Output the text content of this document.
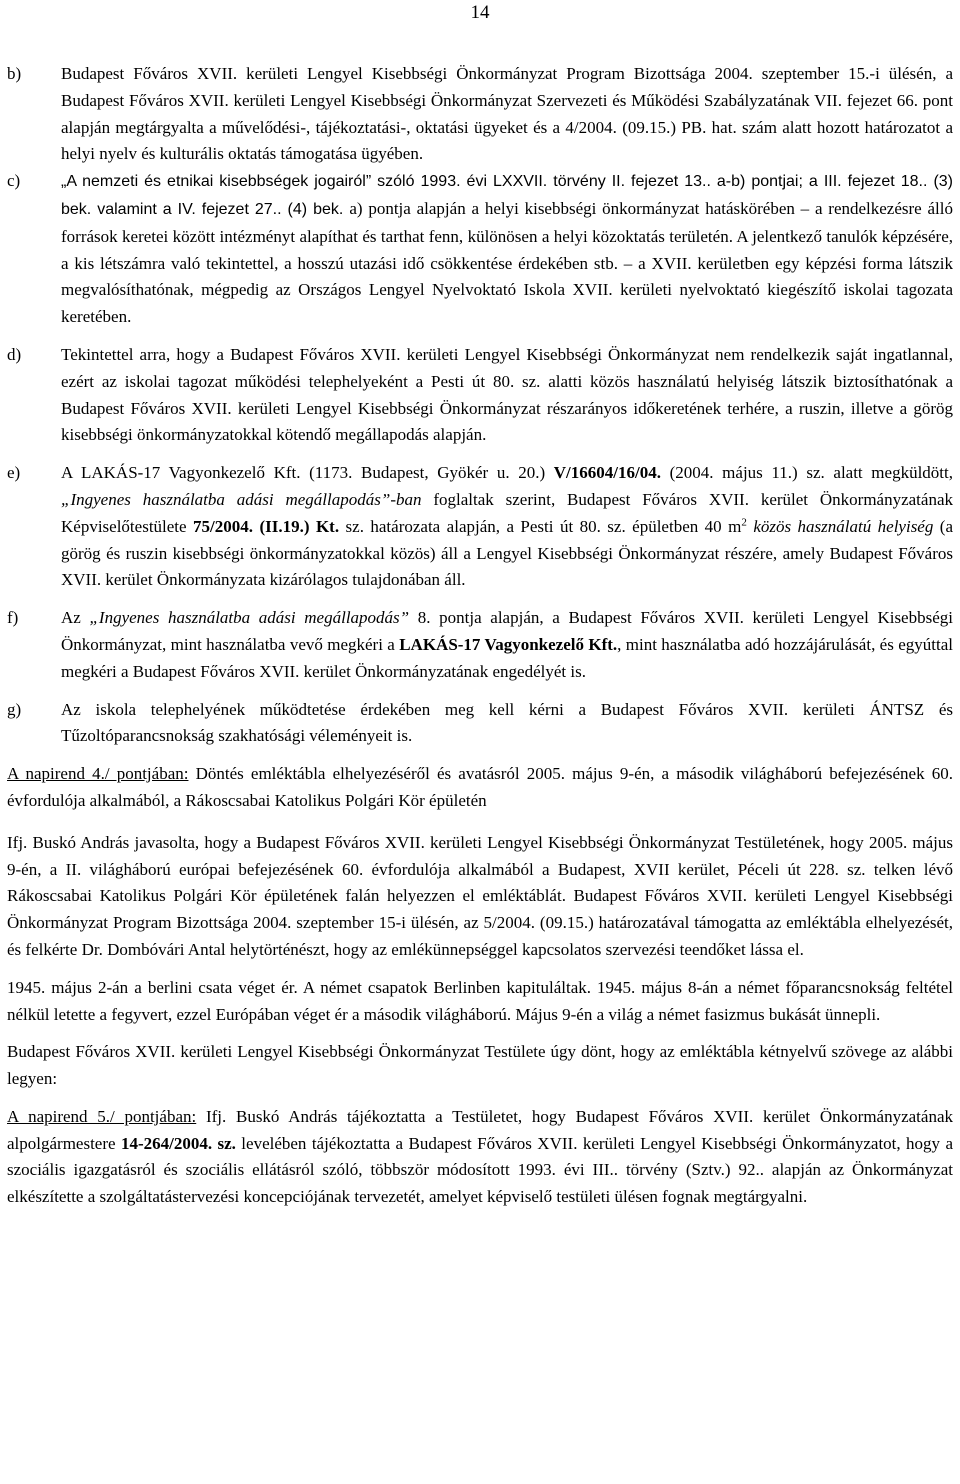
14
b)	Budapest Főváros XVII. kerületi Lengyel Kisebbségi Önkormányzat Program Bizottsága 2004. szeptember 15.-i ülésén, a Budapest Főváros XVII. kerületi Lengyel Kisebbségi Önkormányzat Szervezeti és Működési Szabályzatának VII. fejezet 66. pont alapján megtárgyalta a művelődési-, tájékoztatási-, oktatási ügyeket és a 4/2004. (09.15.) PB. hat. szám alatt hozott határozatot a helyi nyelv és kulturális oktatás támogatása ügyében.

c)	„A nemzeti és etnikai kisebbségek jogairól” szóló 1993. évi LXXVII. törvény II. fejezet 13.. a-b) pontjai; a III. fejezet 18.. (3) bek. valamint a IV. fejezet 27.. (4) bek. a) pontja alapján a helyi kisebbségi önkormányzat hatáskörében – a rendelkezésre álló források keretei között intézményt alapíthat és tarthat fenn, különösen a helyi közoktatás területén. A jelentkező tanulók képzésére, a kis létszámra való tekintettel, a hosszú utazási idő csökkentése érdekében stb. – a XVII. kerületben egy képzési forma látszik megvalósíthatónak, mégpedig az Országos Lengyel Nyelvoktató Iskola XVII. kerületi nyelvoktató kiegészítő iskolai tagozata keretében.

d)	Tekintettel arra, hogy a Budapest Főváros XVII. kerületi Lengyel Kisebbségi Önkormányzat nem rendelkezik saját ingatlannal, ezért az iskolai tagozat működési telephelyeként a Pesti út 80. sz. alatti közös használatú helyiség látszik biztosíthatónak a Budapest Főváros XVII. kerületi Lengyel Kisebbségi Önkormányzat részarányos időkeretének terhére, a ruszin, illetve a görög kisebbségi önkormányzatokkal kötendő megállapodás alapján.

e)	A LAKÁS-17 Vagyonkezelő Kft. (1173. Budapest, Gyökér u. 20.) V/16604/16/04. (2004. május 11.) sz. alatt megküldött, „Ingyenes használatba adási megállapodás”-ban foglaltak szerint, Budapest Főváros XVII. kerület Önkormányzatának Képviselőtestülete 75/2004. (II.19.) Kt. sz. határozata alapján, a Pesti út 80. sz. épületben 40 $m^2$ közös használatú helyiség (a görög és ruszin kisebbségi önkormányzatokkal közös) áll a Lengyel Kisebbségi Önkormányzat részére, amely Budapest Főváros XVII. kerület Önkormányzata kizárólagos tulajdonában áll.

f)	Az „Ingyenes használatba adási megállapodás” 8. pontja alapján, a Budapest Főváros XVII. kerületi Lengyel Kisebbségi Önkormányzat, mint használatba vevő megkéri a LAKÁS-17 Vagyonkezelő Kft., mint használatba adó hozzájárulását, és egyúttal megkéri a Budapest Főváros XVII. kerület Önkormányzatának engedélyét is.

g)	Az iskola telephelyének működtetése érdekében meg kell kérni a Budapest Főváros XVII. kerületi ÁNTSZ és Tűzoltóparancsnokság szakhatósági véleményeit is.

A napirend 4./ pontjában: Döntés emléktábla elhelyezéséről és avatásról 2005. május 9-én, a második világháború befejezésének 60. évfordulója alkalmából, a Rákoscsabai Katolikus Polgári Kör épületén

Ifj. Buskó András javasolta, hogy a Budapest Főváros XVII. kerületi Lengyel Kisebbségi Önkormányzat Testületének, hogy 2005. május 9-én, a II. világháború európai befejezésének 60. évfordulója alkalmából a Budapest, XVII kerület, Péceli út 228. sz. telken lévő Rákoscsabai Katolikus Polgári Kör épületének falán helyezzen el emléktáblát. Budapest Főváros XVII. kerületi Lengyel Kisebbségi Önkormányzat Program Bizottsága 2004. szeptember 15-i ülésén, az 5/2004. (09.15.) határozatával támogatta az emléktábla elhelyezését, és felkérte Dr. Dombóvári Antal helytörténészt, hogy az emlékünnepséggel kapcsolatos szervezési teendőket lássa el.

1945. május 2-án a berlini csata véget ér. A német csapatok Berlinben kapituláltak. 1945. május 8-án a német főparancsnokság feltétel nélkül letette a fegyvert, ezzel Európában véget ér a második világháború. Május 9-én a világ a német fasizmus bukását ünnepli.

Budapest Főváros XVII. kerületi Lengyel Kisebbségi Önkormányzat Testülete úgy dönt, hogy az emléktábla kétnyelvű szövege az alábbi legyen:

A napirend 5./ pontjában: Ifj. Buskó András tájékoztatta a Testületet, hogy Budapest Főváros XVII. kerület Önkormányzatának alpolgármestere 14-264/2004. sz. levelében tájékoztatta a Budapest Főváros XVII. kerületi Lengyel Kisebbségi Önkormányzatot, hogy a szociális igazgatásról és szociális ellátásról szóló, többször módosított 1993. évi III.. törvény (Sztv.) 92.. alapján az Önkormányzat elkészítette a szolgáltatástervezési koncepciójának tervezetét, amelyet képviselő testületi ülésen fognak megtárgyalni.
